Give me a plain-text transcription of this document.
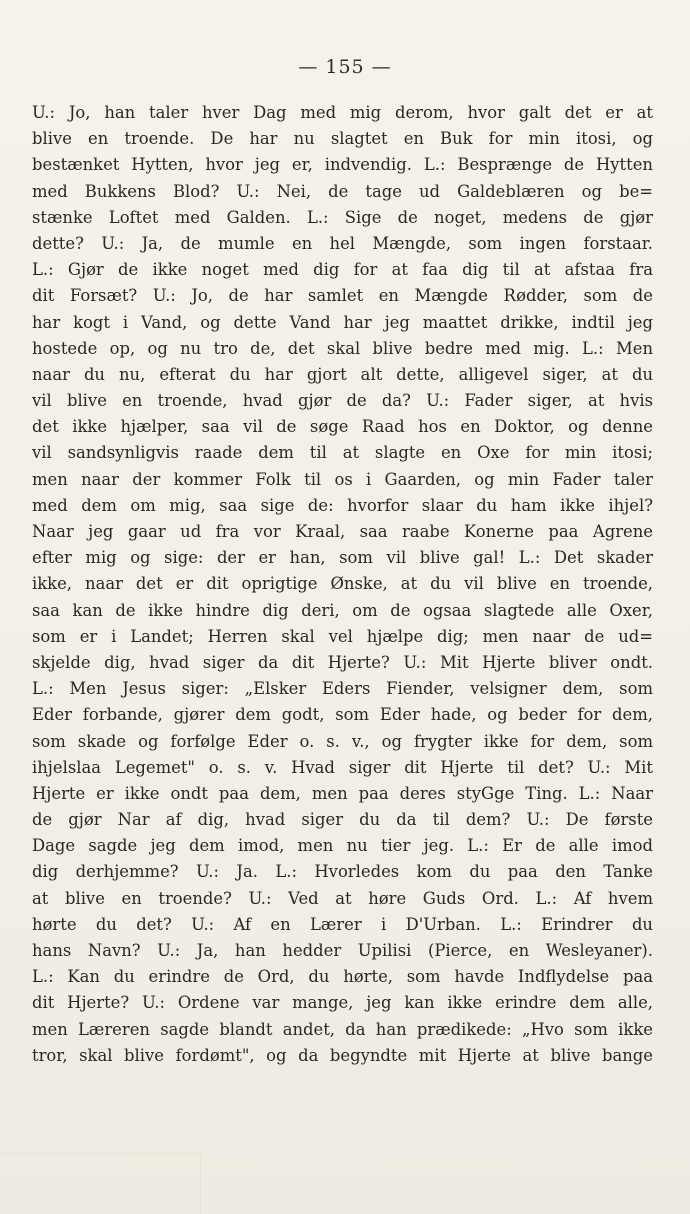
— 155 —
U.: Jo, han taler hver Dag med mig derom, hvor galt det er at
blive en troende. De har nu slagtet en Buk for min itosi, og
bestænket Hytten, hvor jeg er, indvendig. L.: Besprænge de Hytten
med Bukkens Blod? U.: Nei, de tage ud Galdeblæren og be=
stænke Loftet med Galden. L.: Sige de noget, medens de gjør
dette? U.: Ja, de mumle en hel Mængde, som ingen forstaar.
L.: Gjør de ikke noget med dig for at faa dig til at afstaa fra
dit Forsæt? U.: Jo, de har samlet en Mængde Rødder, som de
har kogt i Vand, og dette Vand har jeg maattet drikke, indtil jeg
hostede op, og nu tro de, det skal blive bedre med mig. L.: Men
naar du nu, efterat du har gjort alt dette, alligevel siger, at du
vil blive en troende, hvad gjør de da? U.: Fader siger, at hvis
det ikke hjælper, saa vil de søge Raad hos en Doktor, og denne
vil sandsynligvis raade dem til at slagte en Oxe for min itosi;
men naar der kommer Folk til os i Gaarden, og min Fader taler
med dem om mig, saa sige de: hvorfor slaar du ham ikke ihjel?
Naar jeg gaar ud fra vor Kraal, saa raabe Konerne paa Agrene
efter mig og sige: der er han, som vil blive gal! L.: Det skader
ikke, naar det er dit oprigtige Ønske, at du vil blive en troende,
saa kan de ikke hindre dig deri, om de ogsaa slagtede alle Oxer,
som er i Landet; Herren skal vel hjælpe dig; men naar de ud=
skjelde dig, hvad siger da dit Hjerte? U.: Mit Hjerte bliver ondt.
L.: Men Jesus siger: „Elsker Eders Fiender, velsigner dem, som
Eder forbande, gjører dem godt, som Eder hade, og beder for dem,
som skade og forfølge Eder o. s. v., og frygter ikke for dem, som
ihjelslaa Legemet" o. s. v. Hvad siger dit Hjerte til det? U.: Mit
Hjerte er ikke ondt paa dem, men paa deres styGge Ting. L.: Naar
de gjør Nar af dig, hvad siger du da til dem? U.: De første
Dage sagde jeg dem imod, men nu tier jeg. L.: Er de alle imod
dig derhjemme? U.: Ja. L.: Hvorledes kom du paa den Tanke
at blive en troende? U.: Ved at høre Guds Ord. L.: Af hvem
hørte du det? U.: Af en Lærer i D'Urban. L.: Erindrer du
hans Navn? U.: Ja, han hedder Upilisi (Pierce, en Wesleyaner).
L.: Kan du erindre de Ord, du hørte, som havde Indflydelse paa
dit Hjerte? U.: Ordene var mange, jeg kan ikke erindre dem alle,
men Læreren sagde blandt andet, da han prædikede: „Hvo som ikke
tror, skal blive fordømt", og da begyndte mit Hjerte at blive bange
